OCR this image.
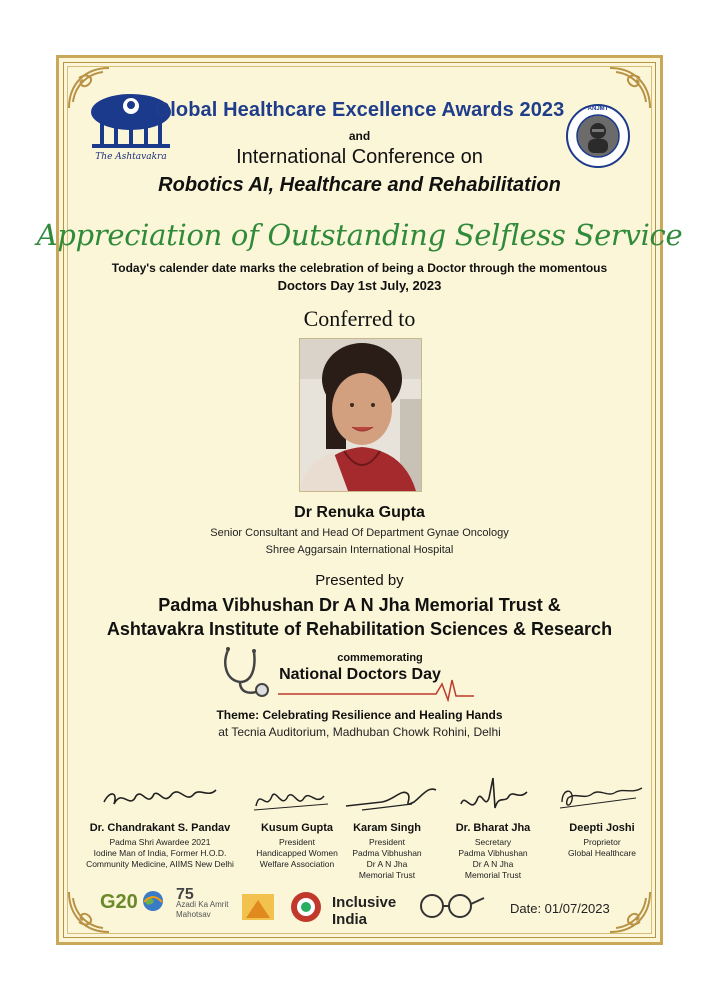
The Ashtavakra
ANJMT
Global Healthcare Excellence Awards 2023
and
International Conference on
Robotics AI, Healthcare and Rehabilitation
Appreciation of Outstanding Selfless Service
Today's calender date marks the celebration of being a Doctor through the momentous
Doctors Day 1st July, 2023
Conferred to
Dr Renuka Gupta
Senior Consultant and Head Of Department Gynae Oncology
Shree Aggarsain International Hospital
Presented by
Padma Vibhushan Dr A N Jha Memorial Trust &
Ashtavakra Institute of Rehabilitation Sciences & Research
commemorating
National Doctors Day
Theme: Celebrating Resilience and Healing Hands
at Tecnia Auditorium, Madhuban Chowk Rohini, Delhi
Dr. Chandrakant S. Pandav
Padma Shri Awardee 2021
Iodine Man of India, Former H.O.D.
Community Medicine, AIIMS New Delhi
Kusum Gupta
President
Handicapped Women
Welfare Association
Karam Singh
President
Padma Vibhushan
Dr A N Jha
Memorial Trust
Dr. Bharat Jha
Secretary
Padma Vibhushan
Dr A N Jha
Memorial Trust
Deepti Joshi
Proprietor
Global Healthcare
G20	75
Azadi Ka Amrit Mahotsav
Inclusive India
Date: 01/07/2023
